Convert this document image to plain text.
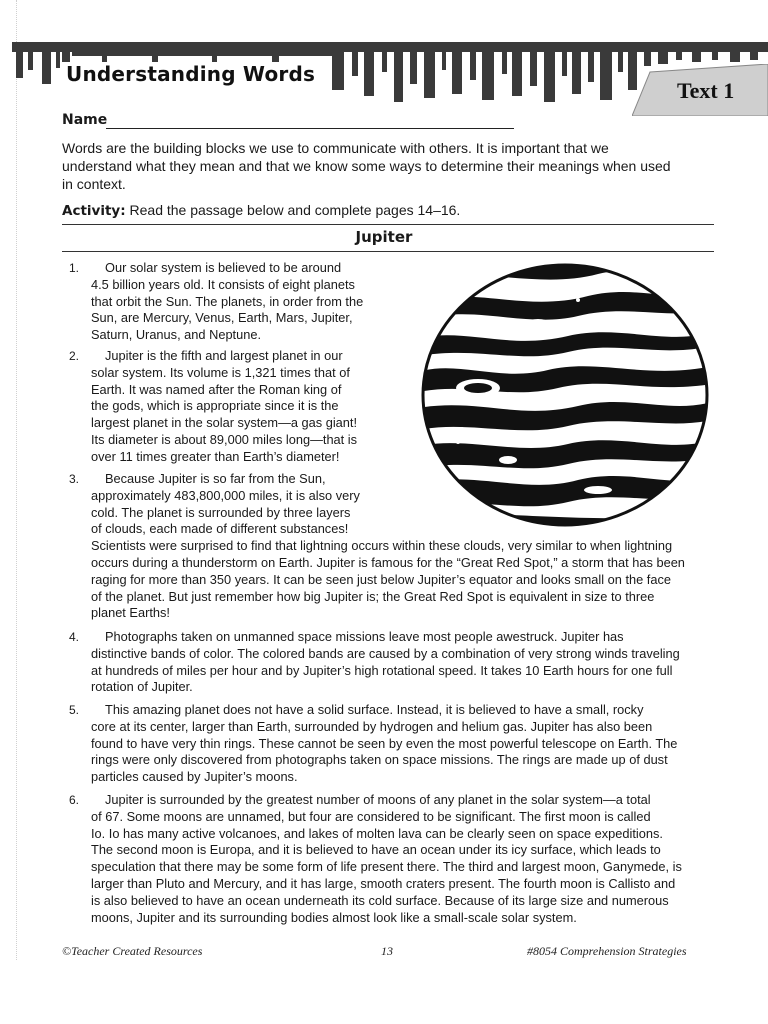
Understanding Words
Text 1
Name
Words are the building blocks we use to communicate with others. It is important that we
understand what they mean and that we know some ways to determine their meanings when used
in context.
Activity: Read the passage below and complete pages 14–16.
Jupiter
1.	Our solar system is believed to be around
4.5 billion years old. It consists of eight planets
that orbit the Sun. The planets, in order from the
Sun, are Mercury, Venus, Earth, Mars, Jupiter,
Saturn, Uranus, and Neptune.
2.	Jupiter is the fifth and largest planet in our
solar system. Its volume is 1,321 times that of
Earth. It was named after the Roman king of
the gods, which is appropriate since it is the
largest planet in the solar system—a gas giant!
Its diameter is about 89,000 miles long—that is
over 11 times greater than Earth’s diameter!
3.	Because Jupiter is so far from the Sun,
approximately 483,800,000 miles, it is also very
cold. The planet is surrounded by three layers
of clouds, each made of different substances!
Scientists were surprised to find that lightning occurs within these clouds, very similar to when lightning
occurs during a thunderstorm on Earth. Jupiter is famous for the “Great Red Spot,” a storm that has been
raging for more than 350 years. It can be seen just below Jupiter’s equator and looks small on the face
of the planet. But just remember how big Jupiter is; the Great Red Spot is equivalent in size to three
planet Earths!
4.	Photographs taken on unmanned space missions leave most people awestruck. Jupiter has
distinctive bands of color. The colored bands are caused by a combination of very strong winds traveling
at hundreds of miles per hour and by Jupiter’s high rotational speed. It takes 10 Earth hours for one full
rotation of Jupiter.
5.	This amazing planet does not have a solid surface. Instead, it is believed to have a small, rocky
core at its center, larger than Earth, surrounded by hydrogen and helium gas. Jupiter has also been
found to have very thin rings. These cannot be seen by even the most powerful telescope on Earth. The
rings were only discovered from photographs taken on space missions. The rings are made up of dust
particles caused by Jupiter’s moons.
6.	Jupiter is surrounded by the greatest number of moons of any planet in the solar system—a total
of 67. Some moons are unnamed, but four are considered to be significant. The first moon is called
Io. Io has many active volcanoes, and lakes of molten lava can be clearly seen on space expeditions.
The second moon is Europa, and it is believed to have an ocean under its icy surface, which leads to
speculation that there may be some form of life present there. The third and largest moon, Ganymede, is
larger than Pluto and Mercury, and it has large, smooth craters present. The fourth moon is Callisto and
is also believed to have an ocean underneath its cold surface. Because of its large size and numerous
moons, Jupiter and its surrounding bodies almost look like a small-scale solar system.
©Teacher Created Resources	13	#8054 Comprehension Strategies
